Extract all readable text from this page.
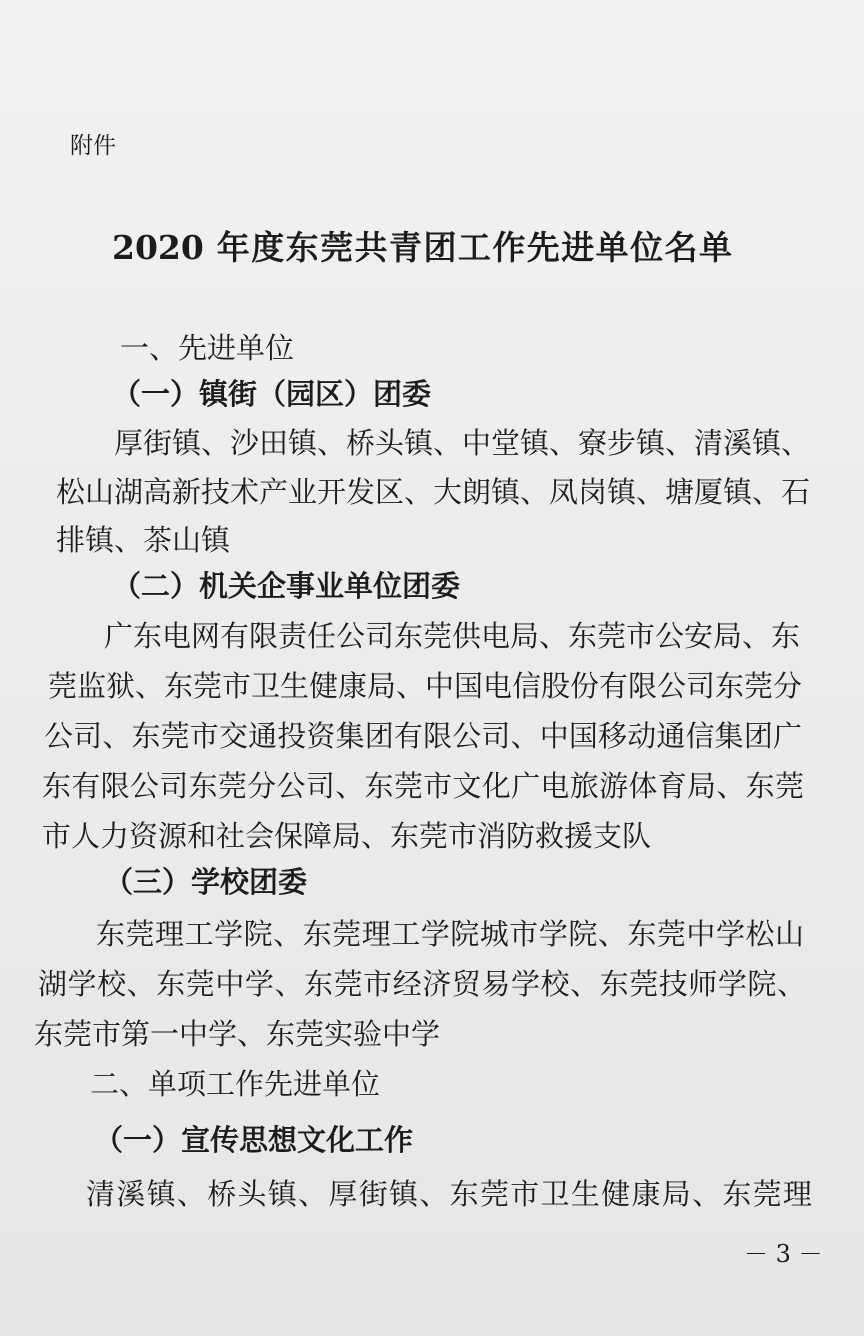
附件
2020 年度东莞共青团工作先进单位名单
一、先进单位
（一）镇街（园区）团委
厚街镇、沙田镇、桥头镇、中堂镇、寮步镇、清溪镇、
松山湖高新技术产业开发区、大朗镇、凤岗镇、塘厦镇、石
排镇、茶山镇
（二）机关企事业单位团委
广东电网有限责任公司东莞供电局、东莞市公安局、东
莞监狱、东莞市卫生健康局、中国电信股份有限公司东莞分
公司、东莞市交通投资集团有限公司、中国移动通信集团广
东有限公司东莞分公司、东莞市文化广电旅游体育局、东莞
市人力资源和社会保障局、东莞市消防救援支队
（三）学校团委
东莞理工学院、东莞理工学院城市学院、东莞中学松山
湖学校、东莞中学、东莞市经济贸易学校、东莞技师学院、
东莞市第一中学、东莞实验中学
二、单项工作先进单位
（一）宣传思想文化工作
清溪镇、桥头镇、厚街镇、东莞市卫生健康局、东莞理
－ 3 －
